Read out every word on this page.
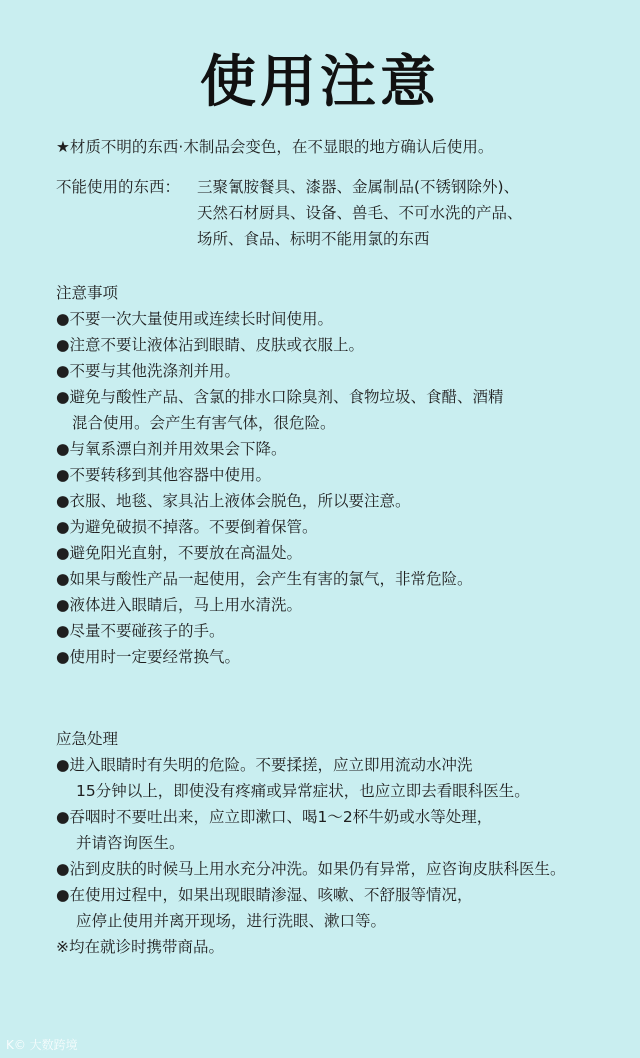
使用注意
★材质不明的东西·木制品会变色，在不显眼的地方确认后使用。
不能使用的东西： 三聚氰胺餐具、漆器、金属制品(不锈钢除外)、
天然石材厨具、设备、兽毛、不可水洗的产品、
场所、食品、标明不能用氯的东西
注意事项
●不要一次大量使用或连续长时间使用。
●注意不要让液体沾到眼睛、皮肤或衣服上。
●不要与其他洗涤剂并用。
●避免与酸性产品、含氯的排水口除臭剂、食物垃圾、食醋、酒精
混合使用。会产生有害气体，很危险。
●与氧系漂白剂并用效果会下降。
●不要转移到其他容器中使用。
●衣服、地毯、家具沾上液体会脱色，所以要注意。
●为避免破损不掉落。不要倒着保管。
●避免阳光直射，不要放在高温处。
●如果与酸性产品一起使用，会产生有害的氯气，非常危险。
●液体进入眼睛后，马上用水清洗。
●尽量不要碰孩子的手。
●使用时一定要经常换气。
应急处理
●进入眼睛时有失明的危险。不要揉搓，应立即用流动水冲洗
15分钟以上，即使没有疼痛或异常症状，也应立即去看眼科医生。
●吞咽时不要吐出来，应立即漱口、喝1～2杯牛奶或水等处理，
并请咨询医生。
●沾到皮肤的时候马上用水充分冲洗。如果仍有异常，应咨询皮肤科医生。
●在使用过程中，如果出现眼睛渗湿、咳嗽、不舒服等情况，
应停止使用并离开现场，进行洗眼、漱口等。
※均在就诊时携带商品。
K© 大数跨境
